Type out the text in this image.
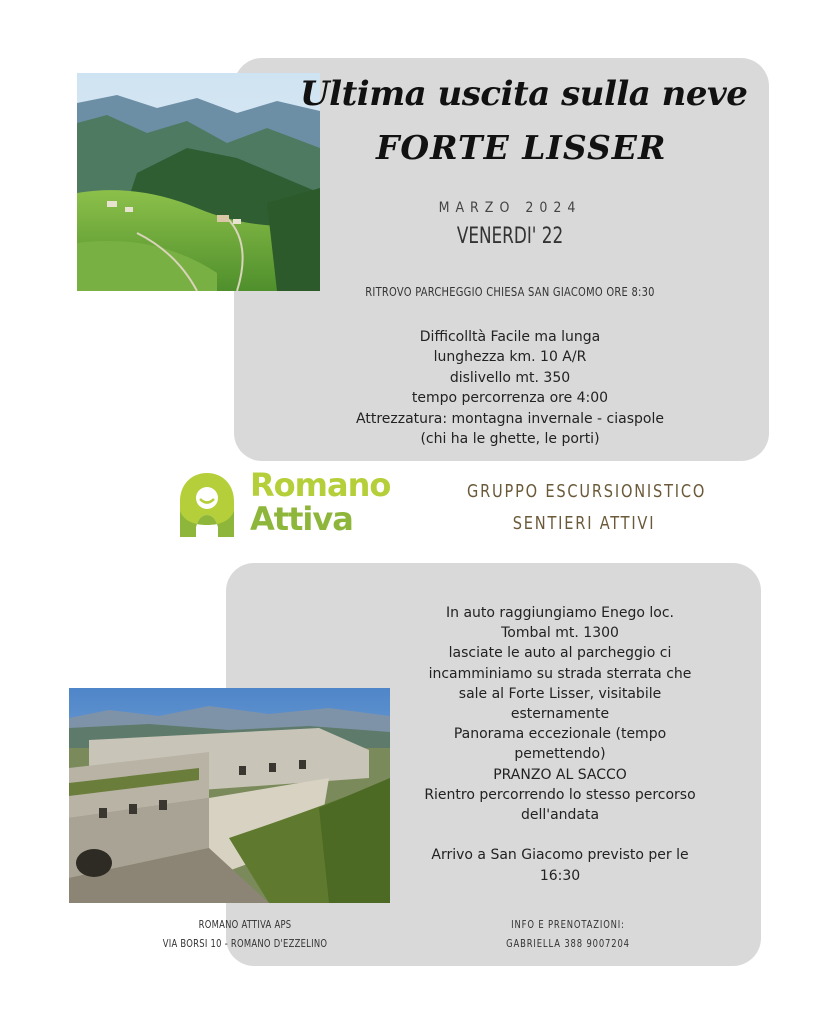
Ultima uscita sulla neve
FORTE LISSER
MARZO 2024
VENERDI' 22
RITROVO PARCHEGGIO CHIESA SAN GIACOMO ORE 8:30
Difficolltà Facile ma lunga
lunghezza km. 10 A/R
dislivello mt. 350
tempo percorrenza ore 4:00
Attrezzatura: montagna invernale - ciaspole
(chi ha le ghette, le porti)
Romano
Attiva
GRUPPO ESCURSIONISTICO
SENTIERI ATTIVI
In auto raggiungiamo Enego loc.
Tombal mt. 1300
lasciate le auto al parcheggio ci
incamminiamo su strada sterrata che
sale al Forte Lisser, visitabile
esternamente
Panorama eccezionale (tempo
pemettendo)
PRANZO AL SACCO
Rientro percorrendo lo stesso percorso
dell'andata
Arrivo a San Giacomo previsto per le
16:30
ROMANO ATTIVA APS
VIA BORSI 10 - ROMANO D'EZZELINO
INFO E PRENOTAZIONI:
GABRIELLA 388 9007204
